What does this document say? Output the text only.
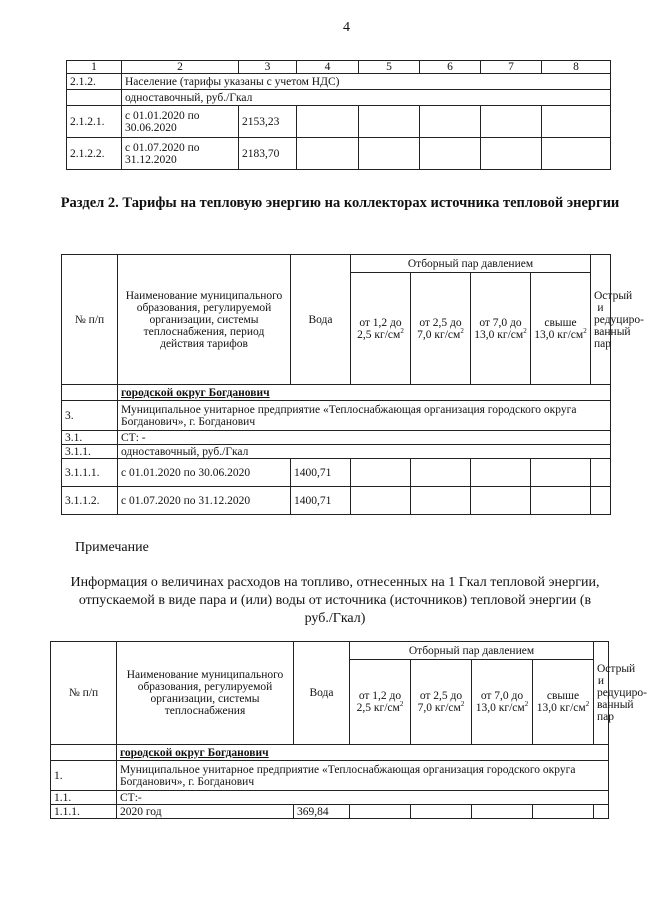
4
1	2	3	4	5	6	7	8
2.1.2.	Население (тарифы указаны с учетом НДС)						
	одноставочный, руб./Гкал						
2.1.2.1.	с 01.01.2020 по 30.06.2020	2153,23					
2.1.2.2.	с 01.07.2020 по 31.12.2020	2183,70					
Раздел 2. Тарифы на тепловую энергию на коллекторах источника тепловой энергии
№ п/п	Наименование муниципального образования, регулируемой организации, системы теплоснабжения, период действия тарифов	Вода	Отборный пар давлением				Острый и редуциро- ванный пар
			от 1,2 до 2,5 $кг/см^2$	от 2,5 до 7,0 $кг/см^2$	от 7,0 до 13,0 $кг/см^2$	свыше 13,0 $кг/см^2$
	городской округ Богданович						
3.	Муниципальное унитарное предприятие «Теплоснабжающая организация городского округа Богданович», г. Богданович						
3.1.	СТ: -						
3.1.1.	одноставочный, руб./Гкал						
3.1.1.1.	с 01.01.2020 по 30.06.2020	1400,71					
3.1.1.2.	с 01.07.2020 по 31.12.2020	1400,71					
Примечание
Информация о величинах расходов на топливо, отнесенных на 1 Гкал тепловой энергии, отпускаемой в виде пара и (или) воды от источника (источников) тепловой энергии (в руб./Гкал)
№ п/п	Наименование муниципального образования, регулируемой организации, системы теплоснабжения	Вода	Отборный пар давлением				Острый и редуциро- ванный пар
			от 1,2 до 2,5 $кг/см^2$	от 2,5 до 7,0 $кг/см^2$	от 7,0 до 13,0 $кг/см^2$	свыше 13,0 $кг/см^2$
	городской округ Богданович						
1.	Муниципальное унитарное предприятие «Теплоснабжающая организация городского округа Богданович», г. Богданович						
1.1.	СТ:-						
1.1.1.	2020 год	369,84					
